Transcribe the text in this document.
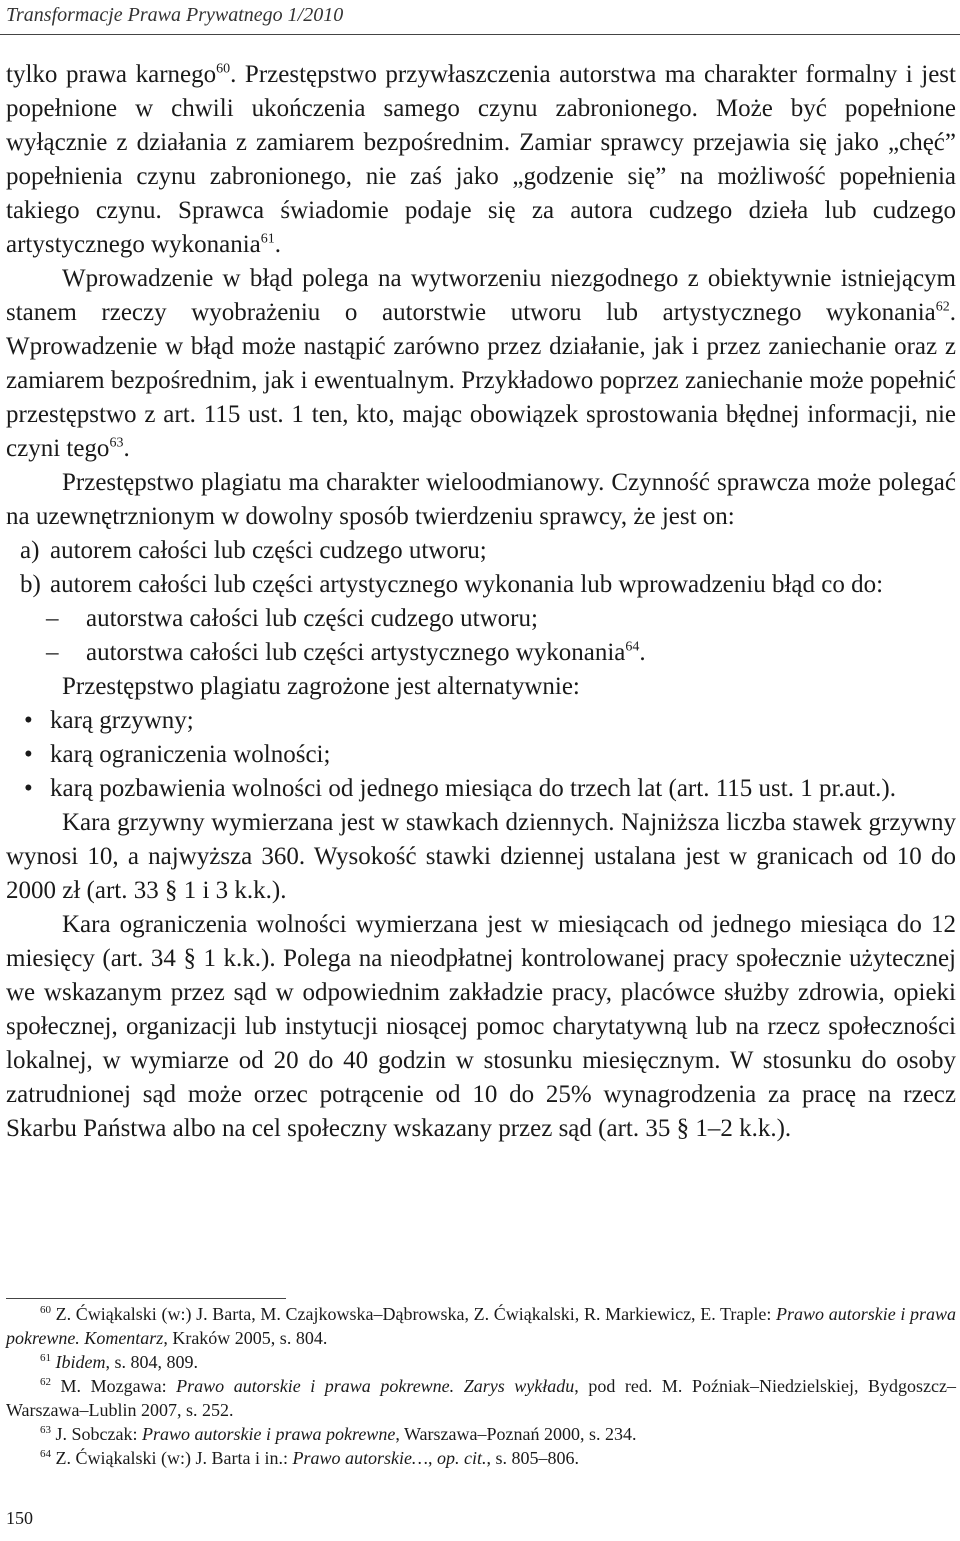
Transformacje Prawa Prywatnego 1/2010

tylko prawa karnego$^{60}$. Przestępstwo przywłaszczenia autorstwa ma charakter formalny i jest popełnione w chwili ukończenia samego czynu zabronionego. Może być popełnione wyłącznie z działania z zamiarem bezpośrednim. Zamiar sprawcy przejawia się jako „chęć” popełnienia czynu zabronionego, nie zaś jako „godzenie się” na możliwość popełnienia takiego czynu. Sprawca świadomie podaje się za autora cudzego dzieła lub cudzego artystycznego wykonania$^{61}$.

Wprowadzenie w błąd polega na wytworzeniu niezgodnego z obiektywnie istniejącym stanem rzeczy wyobrażeniu o autorstwie utworu lub artystycznego wykonania$^{62}$. Wprowadzenie w błąd może nastąpić zarówno przez działanie, jak i przez zaniechanie oraz z zamiarem bezpośrednim, jak i ewentualnym. Przykładowo poprzez zaniechanie może popełnić przestępstwo z art. 115 ust. 1 ten, kto, mając obowiązek sprostowania błędnej informacji, nie czyni tego$^{63}$.

Przestępstwo plagiatu ma charakter wieloodmianowy. Czynność sprawcza może polegać na uzewnętrznionym w dowolny sposób twierdzeniu sprawcy, że jest on:

a) autorem całości lub części cudzego utworu;

b) autorem całości lub części artystycznego wykonania lub wprowadzeniu błąd co do:

– autorstwa całości lub części cudzego utworu;

– autorstwa całości lub części artystycznego wykonania$^{64}$.

Przestępstwo plagiatu zagrożone jest alternatywnie:

• karą grzywny;

• karą ograniczenia wolności;

• karą pozbawienia wolności od jednego miesiąca do trzech lat (art. 115 ust. 1 pr.aut.).

Kara grzywny wymierzana jest w stawkach dziennych. Najniższa liczba stawek grzywny wynosi 10, a najwyższa 360. Wysokość stawki dziennej ustalana jest w granicach od 10 do 2000 zł (art. 33 § 1 i 3 k.k.).

Kara ograniczenia wolności wymierzana jest w miesiącach od jednego miesiąca do 12 miesięcy (art. 34 § 1 k.k.). Polega na nieodpłatnej kontrolowanej pracy społecznie użytecznej we wskazanym przez sąd w odpowiednim zakładzie pracy, placówce służby zdrowia, opieki społecznej, organizacji lub instytucji niosącej pomoc charytatywną lub na rzecz społeczności lokalnej, w wymiarze od 20 do 40 godzin w stosunku miesięcznym. W stosunku do osoby zatrudnionej sąd może orzec potrącenie od 10 do 25% wynagrodzenia za pracę na rzecz Skarbu Państwa albo na cel społeczny wskazany przez sąd (art. 35 § 1–2 k.k.).

$^{60}$ Z. Ćwiąkalski (w:) J. Barta, M. Czajkowska–Dąbrowska, Z. Ćwiąkalski, R. Markiewicz, E. Traple: Prawo autorskie i prawa pokrewne. Komentarz, Kraków 2005, s. 804.

$^{61}$ Ibidem, s. 804, 809.

$^{62}$ M. Mozgawa: Prawo autorskie i prawa pokrewne. Zarys wykładu, pod red. M. Poźniak–Niedzielskiej, Bydgoszcz–Warszawa–Lublin 2007, s. 252.

$^{63}$ J. Sobczak: Prawo autorskie i prawa pokrewne, Warszawa–Poznań 2000, s. 234.

$^{64}$ Z. Ćwiąkalski (w:) J. Barta i in.: Prawo autorskie…, op. cit., s. 805–806.

150
